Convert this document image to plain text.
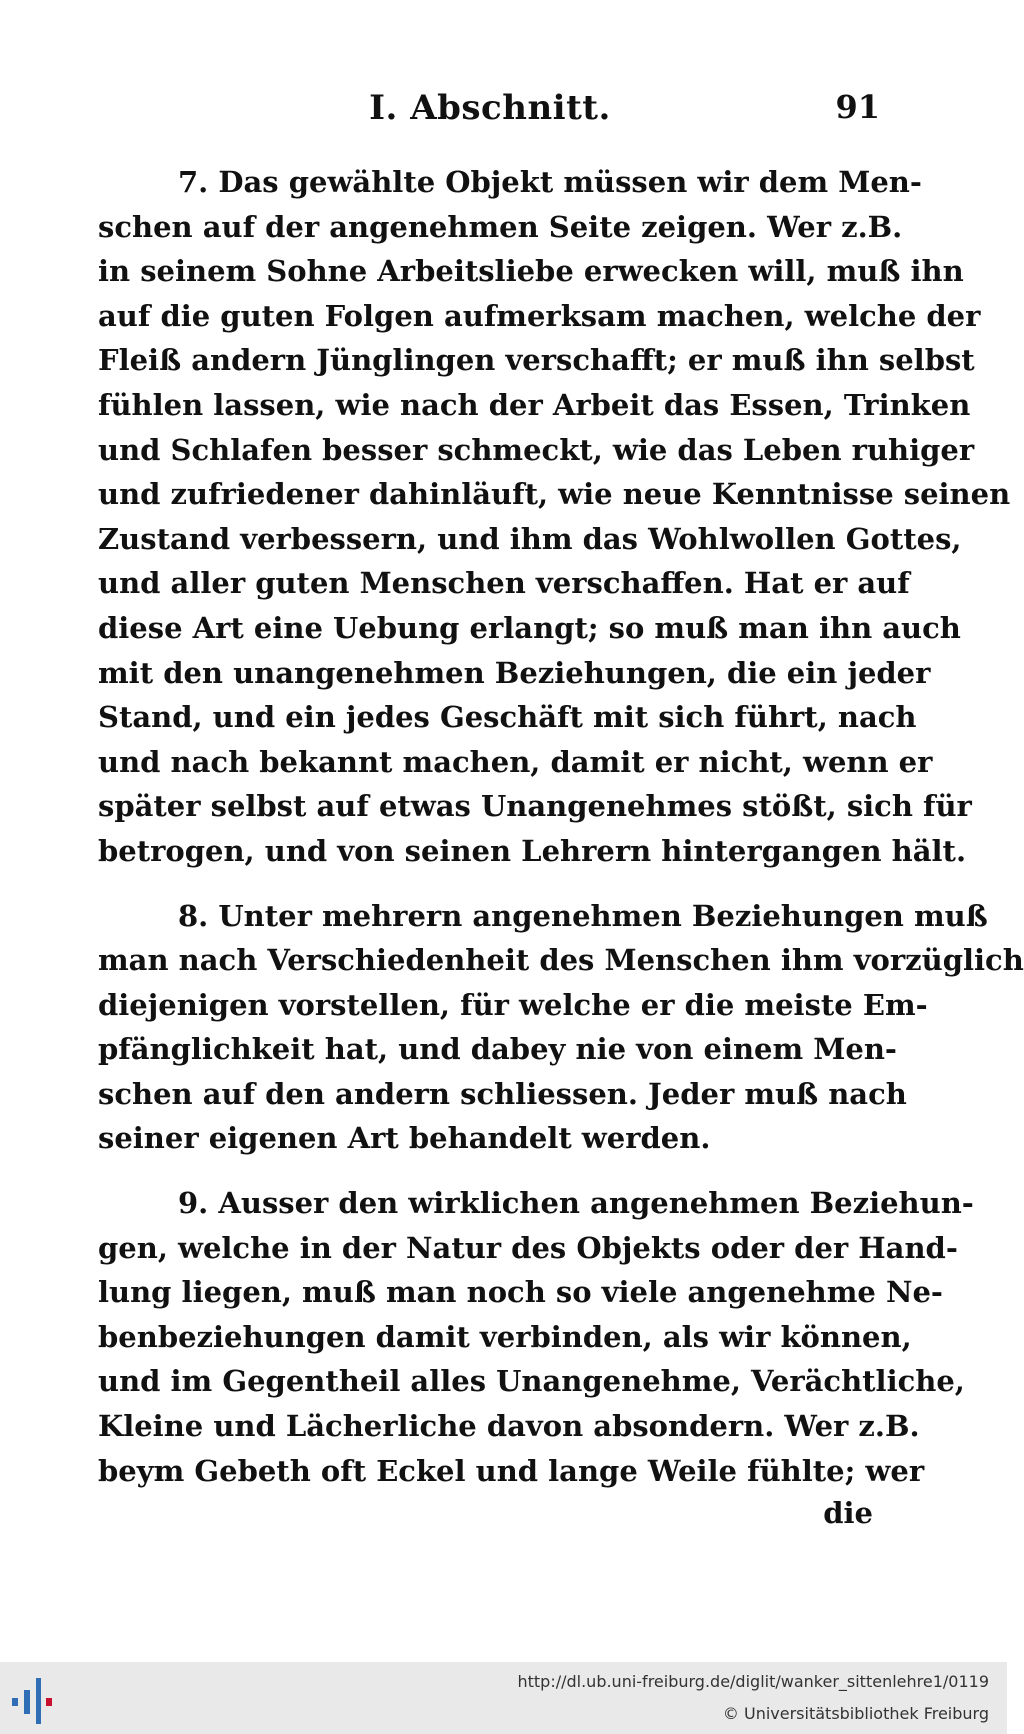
I. Abschnitt.	91
7. Das gewählte Objekt müssen wir dem Men-
schen auf der angenehmen Seite zeigen. Wer z.B.
in seinem Sohne Arbeitsliebe erwecken will, muß ihn
auf die guten Folgen aufmerksam machen, welche der
Fleiß andern Jünglingen verschafft; er muß ihn selbst
fühlen lassen, wie nach der Arbeit das Essen, Trinken
und Schlafen besser schmeckt, wie das Leben ruhiger
und zufriedener dahinläuft, wie neue Kenntnisse seinen
Zustand verbessern, und ihm das Wohlwollen Gottes,
und aller guten Menschen verschaffen. Hat er auf
diese Art eine Uebung erlangt; so muß man ihn auch
mit den unangenehmen Beziehungen, die ein jeder
Stand, und ein jedes Geschäft mit sich führt, nach
und nach bekannt machen, damit er nicht, wenn er
später selbst auf etwas Unangenehmes stößt, sich für
betrogen, und von seinen Lehrern hintergangen hält.
8. Unter mehrern angenehmen Beziehungen muß
man nach Verschiedenheit des Menschen ihm vorzüglich
diejenigen vorstellen, für welche er die meiste Em-
pfänglichkeit hat, und dabey nie von einem Men-
schen auf den andern schliessen. Jeder muß nach
seiner eigenen Art behandelt werden.
9. Ausser den wirklichen angenehmen Beziehun-
gen, welche in der Natur des Objekts oder der Hand-
lung liegen, muß man noch so viele angenehme Ne-
benbeziehungen damit verbinden, als wir können,
und im Gegentheil alles Unangenehme, Verächtliche,
Kleine und Lächerliche davon absondern. Wer z.B.
beym Gebeth oft Eckel und lange Weile fühlte; wer
die
http://dl.ub.uni-freiburg.de/diglit/wanker_sittenlehre1/0119
© Universitätsbibliothek Freiburg
